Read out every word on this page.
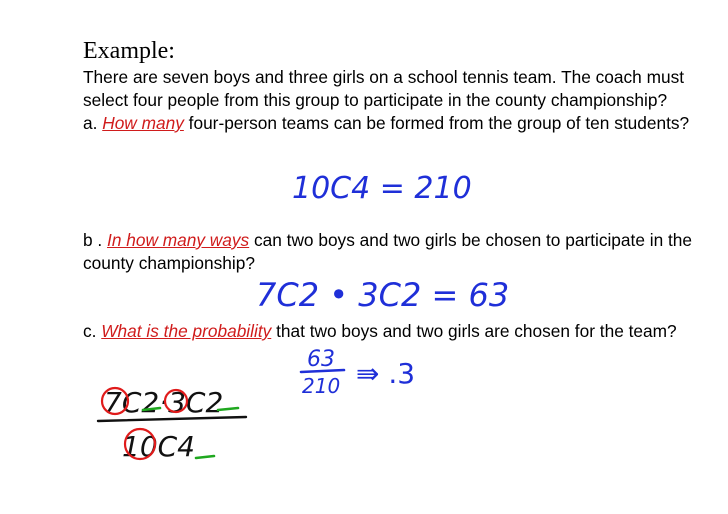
Example:

There are seven boys and three girls on a school tennis team. The coach must select four people from this group to participate in the county championship?
a. How many four-person teams can be formed from the group of ten students?

b . In how many ways can two boys and two girls be chosen to participate in the county championship?

c. What is the probability that two boys and two girls are chosen for the team?

10C4 = 210
7C2 • 3C2 = 63
63
210 ⇛ .3
7C2·3C2
10C4
